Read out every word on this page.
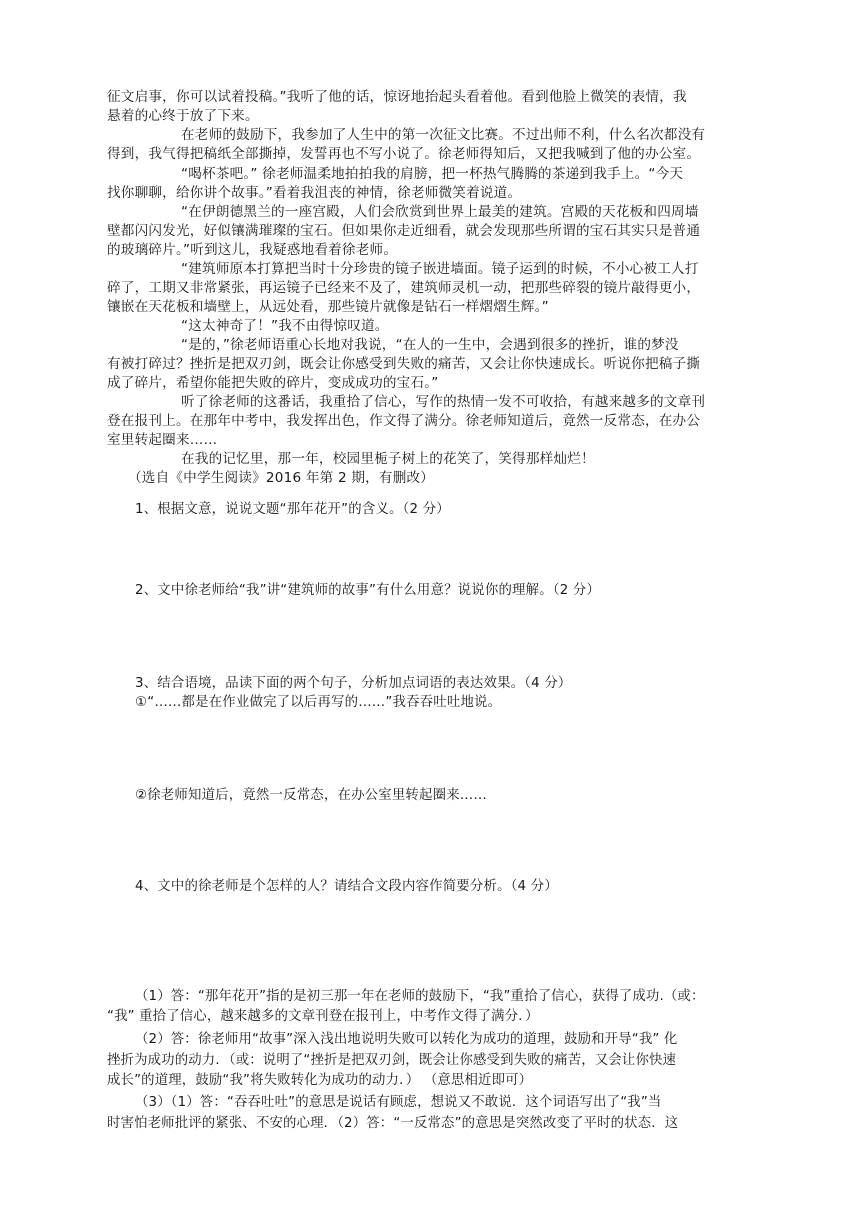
征文启事，你可以试着投稿。”我听了他的话，惊讶地抬起头看着他。看到他脸上微笑的表情，我
悬着的心终于放了下来。
在老师的鼓励下，我参加了人生中的第一次征文比赛。不过出师不利，什么名次都没有
得到，我气得把稿纸全部撕掉，发誓再也不写小说了。徐老师得知后，又把我喊到了他的办公室。
“喝杯茶吧。” 徐老师温柔地拍拍我的肩膀，把一杯热气腾腾的茶递到我手上。“今天
找你聊聊，给你讲个故事。”看着我沮丧的神情，徐老师微笑着说道。
“在伊朗德黑兰的一座宫殿，人们会欣赏到世界上最美的建筑。宫殿的天花板和四周墙
壁都闪闪发光，好似镶满璀璨的宝石。但如果你走近细看，就会发现那些所谓的宝石其实只是普通
的玻璃碎片。”听到这儿，我疑惑地看着徐老师。
“建筑师原本打算把当时十分珍贵的镜子嵌进墙面。镜子运到的时候，不小心被工人打
碎了，工期又非常紧张，再运镜子已经来不及了，建筑师灵机一动，把那些碎裂的镜片敲得更小，
镶嵌在天花板和墙壁上，从远处看，那些镜片就像是钻石一样熠熠生辉。”
“这太神奇了！”我不由得惊叹道。
“是的，”徐老师语重心长地对我说，“在人的一生中，会遇到很多的挫折，谁的梦没
有被打碎过？挫折是把双刃剑，既会让你感受到失败的痛苦，又会让你快速成长。听说你把稿子撕
成了碎片，希望你能把失败的碎片，变成成功的宝石。”
听了徐老师的这番话，我重拾了信心，写作的热情一发不可收拾，有越来越多的文章刊
登在报刊上。在那年中考中，我发挥出色，作文得了满分。徐老师知道后，竟然一反常态，在办公
室里转起圈来……
在我的记忆里，那一年，校园里栀子树上的花笑了，笑得那样灿烂！
（选自《中学生阅读》2016 年第 2 期，有删改）
1、根据文意，说说文题“那年花开”的含义。（2 分）
2、文中徐老师给“我”讲“建筑师的故事”有什么用意？说说你的理解。（2 分）
3、结合语境，品读下面的两个句子，分析加点词语的表达效果。（4 分）
①“……都是在作业做完了以后再写的……”我吞吞吐吐地说。
②徐老师知道后，竟然一反常态，在办公室里转起圈来……
4、文中的徐老师是个怎样的人？请结合文段内容作简要分析。（4 分）
（1）答：“那年花开”指的是初三那一年在老师的鼓励下，“我”重拾了信心，获得了成功.（或：
“我” 重拾了信心，越来越多的文章刊登在报刊上，中考作文得了满分．）
（2）答：徐老师用“故事”深入浅出地说明失败可以转化为成功的道理，鼓励和开导“我” 化
挫折为成功的动力．（或：说明了“挫折是把双刃剑，既会让你感受到失败的痛苦，又会让你快速
成长”的道理，鼓励“我”将失败转化为成功的动力．） （意思相近即可）
（3）（1）答：“吞吞吐吐”的意思是说话有顾虑，想说又不敢说．这个词语写出了“我”当
时害怕老师批评的紧张、不安的心理．（2）答：“一反常态”的意思是突然改变了平时的状态．这
